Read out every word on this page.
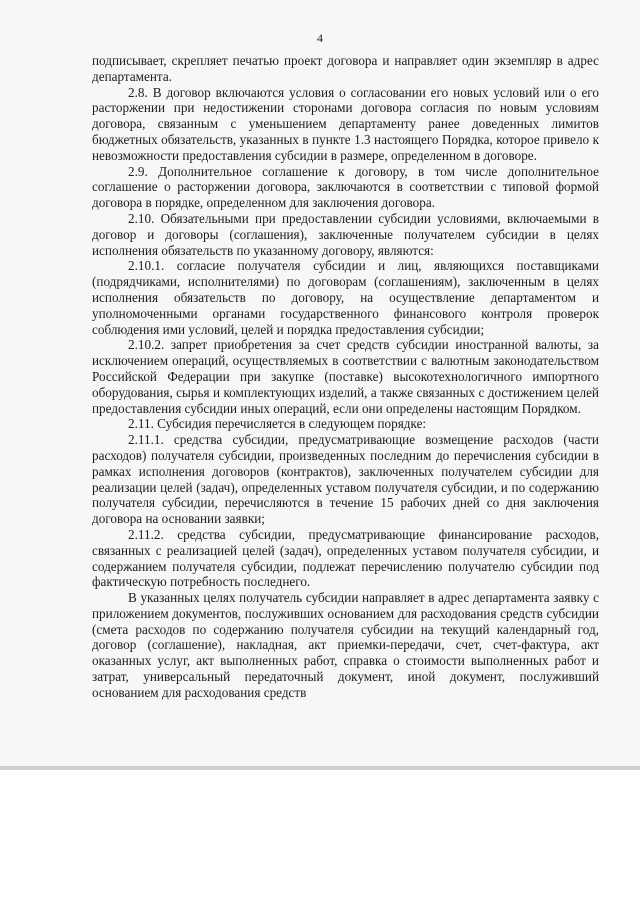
4

подписывает, скрепляет печатью проект договора и направляет один экземпляр в адрес департамента.

2.8. В договор включаются условия о согласовании его новых условий или о его расторжении при недостижении сторонами договора согласия по новым условиям договора, связанным с уменьшением департаменту ранее доведенных лимитов бюджетных обязательств, указанных в пункте 1.3 настоящего Порядка, которое привело к невозможности предоставления субсидии в размере, определенном в договоре.

2.9. Дополнительное соглашение к договору, в том числе дополнительное соглашение о расторжении договора, заключаются в соответствии с типовой формой договора в порядке, определенном для заключения договора.

2.10. Обязательными при предоставлении субсидии условиями, включаемыми в договор и договоры (соглашения), заключенные получателем субсидии в целях исполнения обязательств по указанному договору, являются:

2.10.1. согласие получателя субсидии и лиц, являющихся поставщиками (подрядчиками, исполнителями) по договорам (соглашениям), заключенным в целях исполнения обязательств по договору, на осуществление департаментом и уполномоченными органами государственного финансового контроля проверок соблюдения ими условий, целей и порядка предоставления субсидии;

2.10.2. запрет приобретения за счет средств субсидии иностранной валюты, за исключением операций, осуществляемых в соответствии с валютным законодательством Российской Федерации при закупке (поставке) высокотехнологичного импортного оборудования, сырья и комплектующих изделий, а также связанных с достижением целей предоставления субсидии иных операций, если они определены настоящим Порядком.

2.11. Субсидия перечисляется в следующем порядке:

2.11.1. средства субсидии, предусматривающие возмещение расходов (части расходов) получателя субсидии, произведенных последним до перечисления субсидии в рамках исполнения договоров (контрактов), заключенных получателем субсидии для реализации целей (задач), определенных уставом получателя субсидии, и по содержанию получателя субсидии, перечисляются в течение 15 рабочих дней со дня заключения договора на основании заявки;

2.11.2. средства субсидии, предусматривающие финансирование расходов, связанных с реализацией целей (задач), определенных уставом получателя субсидии, и содержанием получателя субсидии, подлежат перечислению получателю субсидии под фактическую потребность последнего.

В указанных целях получатель субсидии направляет в адрес департамента заявку с приложением документов, послуживших основанием для расходования средств субсидии (смета расходов по содержанию получателя субсидии на текущий календарный год, договор (соглашение), накладная, акт приемки-передачи, счет, счет-фактура, акт оказанных услуг, акт выполненных работ, справка о стоимости выполненных работ и затрат, универсальный передаточный документ, иной документ, послуживший основанием для расходования средств
